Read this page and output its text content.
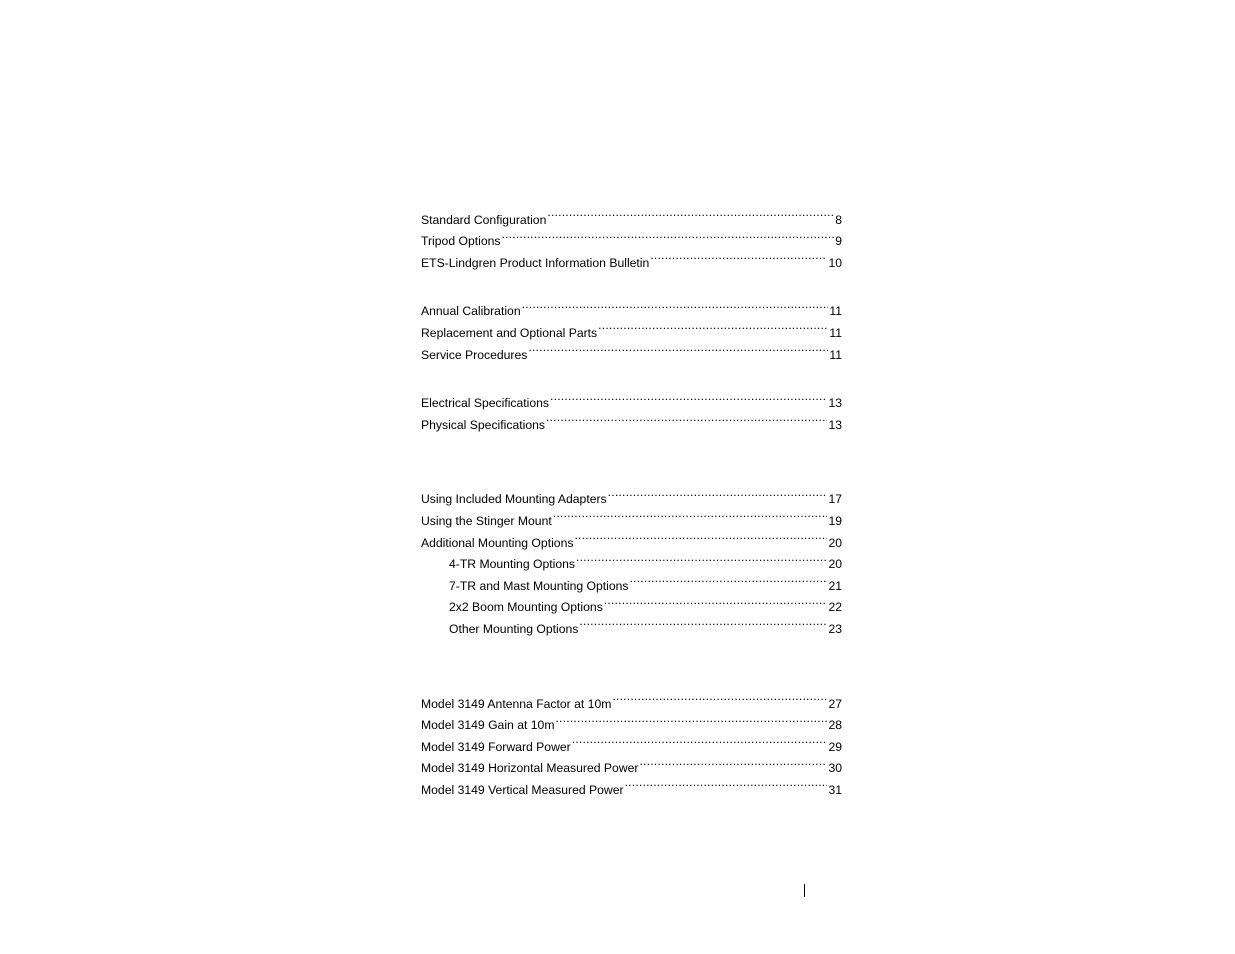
Standard Configuration .....	8
Tripod Options .....	9
ETS-Lindgren Product Information Bulletin .....	10
Annual Calibration .....	11
Replacement and Optional Parts .....	11
Service Procedures .....	11
Electrical Specifications .....	13
Physical Specifications .....	13
Using Included Mounting Adapters .....	17
Using the Stinger Mount .....	19
Additional Mounting Options .....	20
4-TR Mounting Options .....	20
7-TR and Mast Mounting Options .....	21
2x2 Boom Mounting Options .....	22
Other Mounting Options .....	23
Model 3149 Antenna Factor at 10m .....	27
Model 3149 Gain at 10m .....	28
Model 3149 Forward Power .....	29
Model 3149 Horizontal Measured Power .....	30
Model 3149 Vertical Measured Power .....	31
